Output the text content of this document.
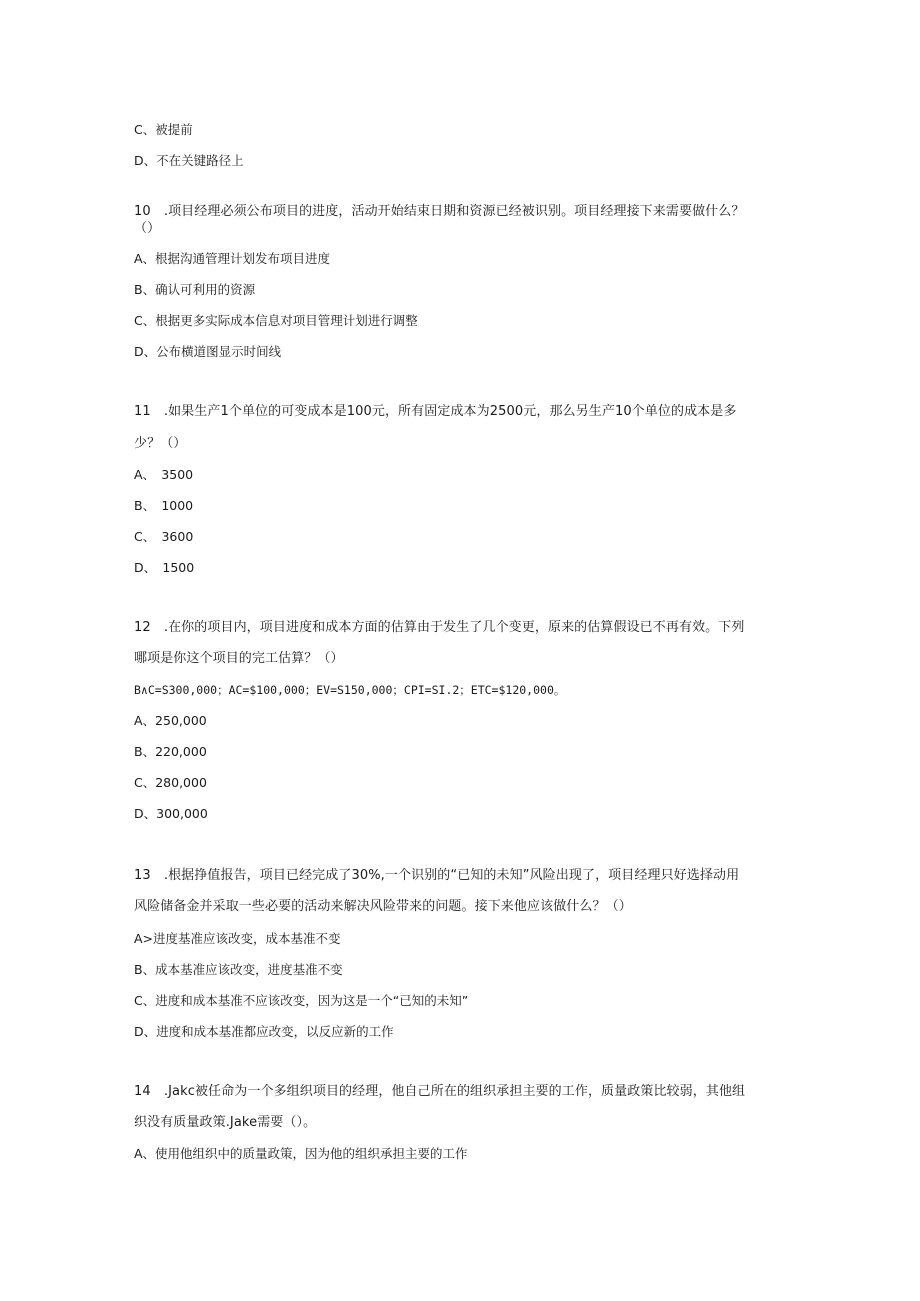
C、被提前
D、不在关键路径上
10　.项目经理必须公布项目的进度，活动开始结束日期和资源已经被识别。项目经理接下来需要做什么？
（）
A、根据沟通管理计划发布项目进度
B、确认可利用的资源
C、根据更多实际成本信息对项目管理计划进行调整
D、公布横道图显示时间线
11　.如果生产1个单位的可变成本是100元，所有固定成本为2500元，那么另生产10个单位的成本是多
少？（）
A、　3500
B、　1000
C、　3600
D、　1500
12　.在你的项目内，项目进度和成本方面的估算由于发生了几个变更，原来的估算假设已不再有效。下列
哪项是你这个项目的完工估算？（）
B∧C=S300,000；AC=$100,000；EV=S150,000；CPI=SI.2；ETC=$120,000。
A、250,000
B、220,000
C、280,000
D、300,000
13　.根据挣值报告，项目已经完成了30%,一个识别的“已知的未知”风险出现了，项目经理只好选择动用
风险储备金并采取一些必要的活动来解决风险带来的问题。接下来他应该做什么？（）
A>进度基准应该改变，成本基准不变
B、成本基准应该改变，进度基准不变
C、进度和成本基准不应该改变，因为这是一个“已知的未知”
D、进度和成本基准都应改变，以反应新的工作
14　.Jakc被任命为一个多组织项目的经理，他自己所在的组织承担主要的工作，质量政策比较弱，其他组
织没有质量政策.Jake需要（）。
A、使用他组织中的质量政策，因为他的组织承担主要的工作
